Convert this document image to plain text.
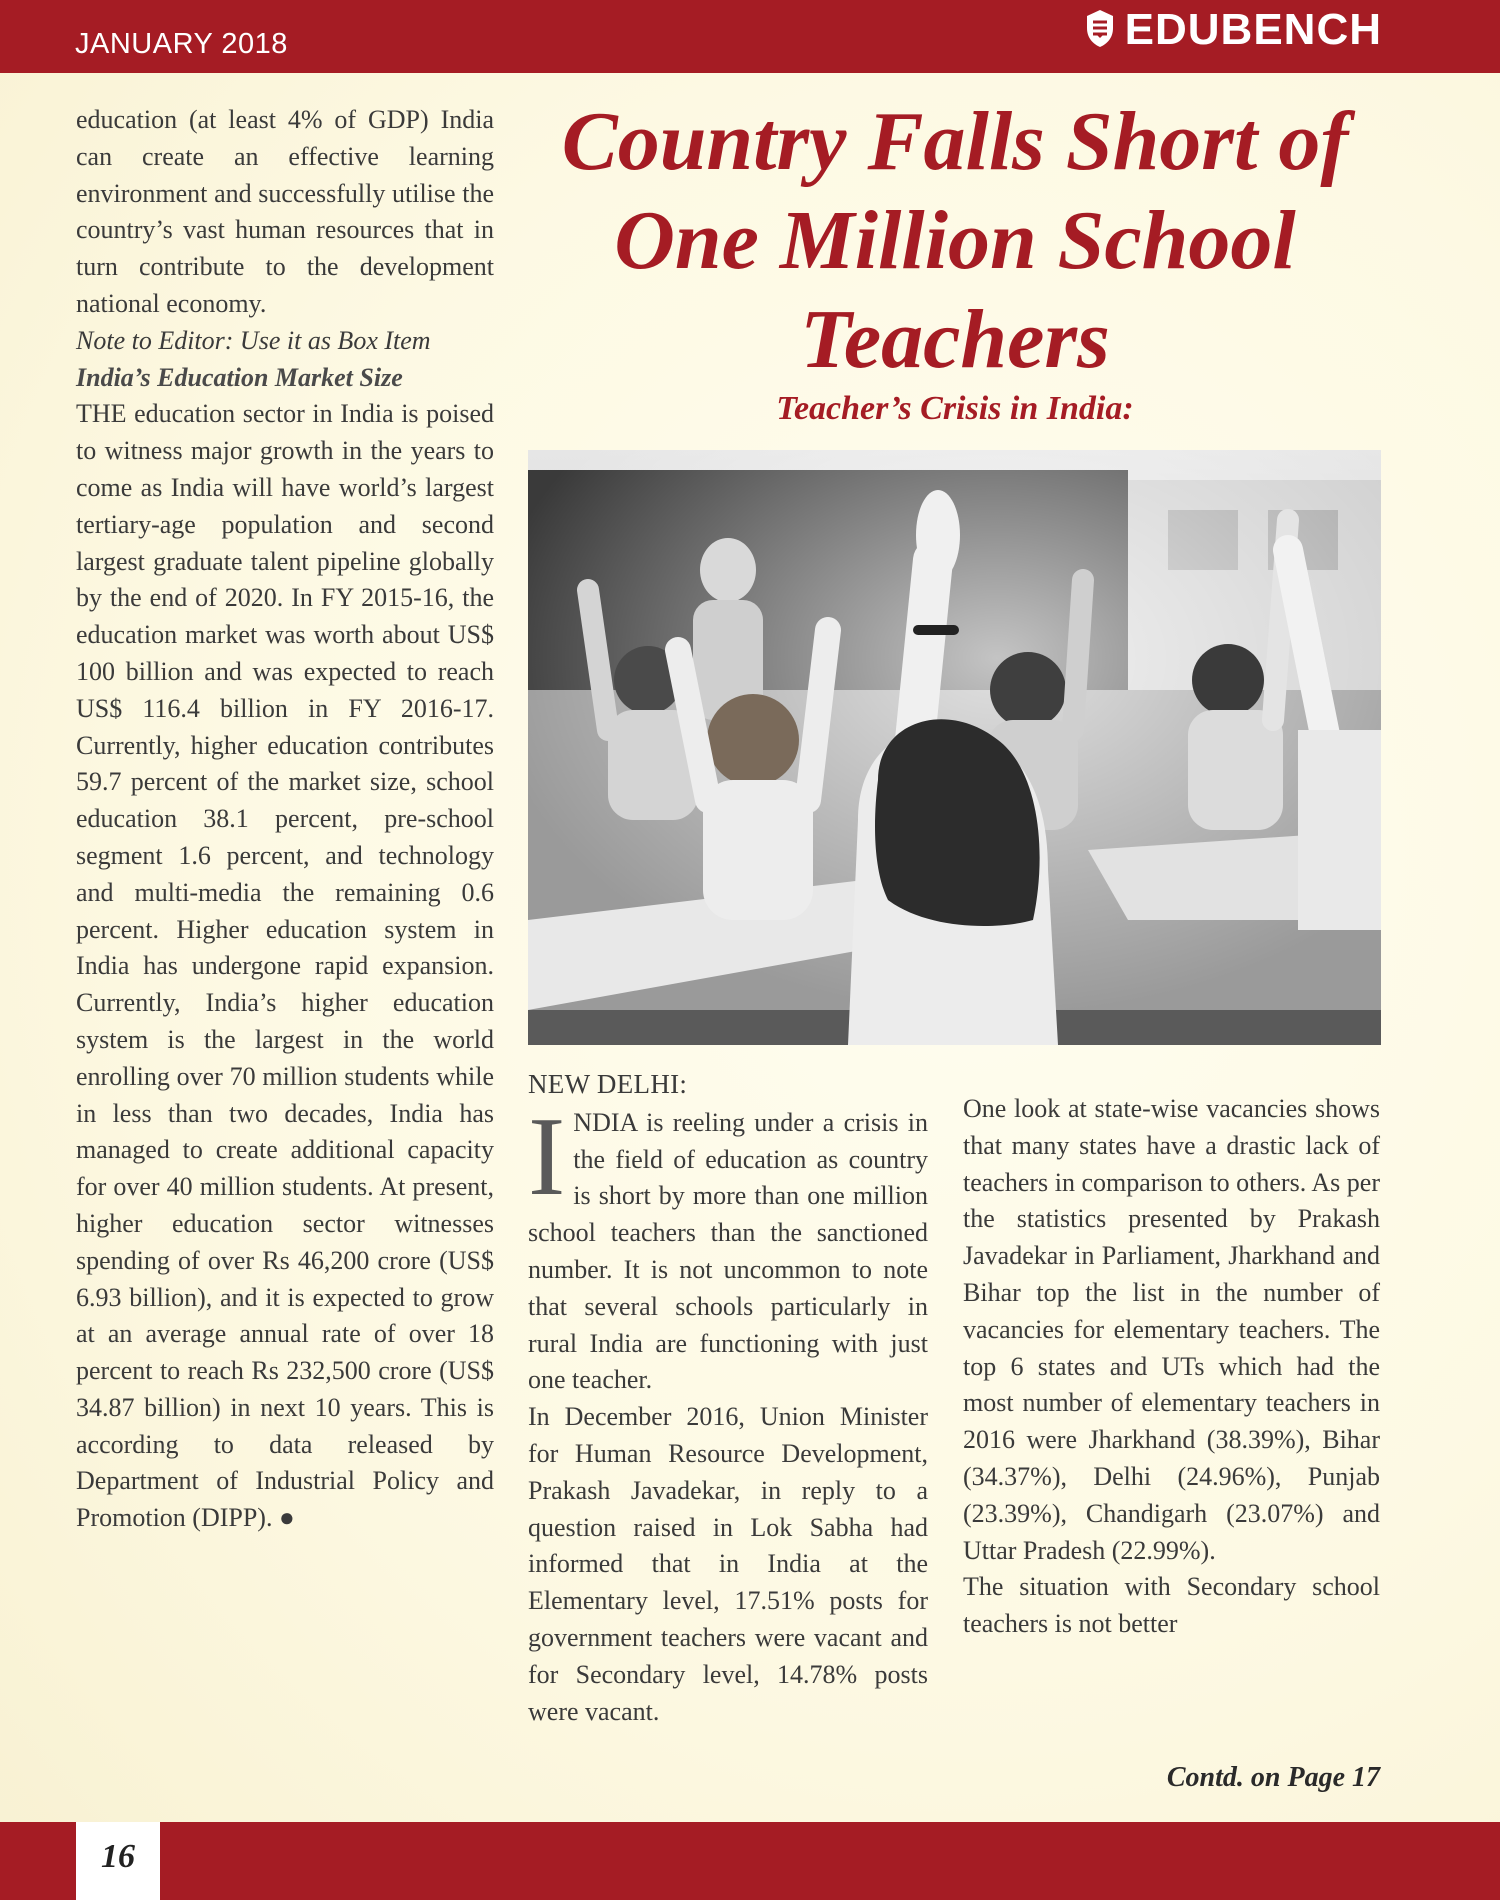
JANUARY 2018	EDUBENCH

education (at least 4% of GDP) India can create an effective learning environment and successfully utilise the country’s vast human resources that in turn contribute to the development national economy.

Note to Editor: Use it as Box Item

India’s Education Market Size

THE education sector in India is poised to witness major growth in the years to come as India will have world’s largest tertiary-age population and second largest graduate talent pipeline globally by the end of 2020. In FY 2015-16, the education market was worth about US$ 100 billion and was expected to reach US$ 116.4 billion in FY 2016-17. Currently, higher education contributes 59.7 percent of the market size, school education 38.1 percent, pre-school segment 1.6 percent, and technology and multi-media the remaining 0.6 percent. Higher education system in India has undergone rapid expansion. Currently, India’s higher education system is the largest in the world enrolling over 70 million students while in less than two decades, India has managed to create additional capacity for over 40 million students. At present, higher education sector witnesses spending of over Rs 46,200 crore (US$ 6.93 billion), and it is expected to grow at an average annual rate of over 18 percent to reach Rs 232,500 crore (US$ 34.87 billion) in next 10 years. This is according to data released by Department of Industrial Policy and Promotion (DIPP). ●

Country Falls Short of One Million School Teachers
Teacher’s Crisis in India:

NEW DELHI:

INDIA is reeling under a crisis in the field of education as country is short by more than one million school teachers than the sanctioned number. It is not uncommon to note that several schools particularly in rural India are functioning with just one teacher.

In December 2016, Union Minister for Human Resource Development, Prakash Javadekar, in reply to a question raised in Lok Sabha had informed that in India at the Elementary level, 17.51% posts for government teachers were vacant and for Secondary level, 14.78% posts were vacant.

One look at state-wise vacancies shows that many states have a drastic lack of teachers in comparison to others. As per the statistics presented by Prakash Javadekar in Parliament, Jharkhand and Bihar top the list in the number of vacancies for elementary teachers. The top 6 states and UTs which had the most number of elementary teachers in 2016 were Jharkhand (38.39%), Bihar (34.37%), Delhi (24.96%), Punjab (23.39%), Chandigarh (23.07%) and Uttar Pradesh (22.99%).

The situation with Secondary school teachers is not better

Contd. on Page 17
16
